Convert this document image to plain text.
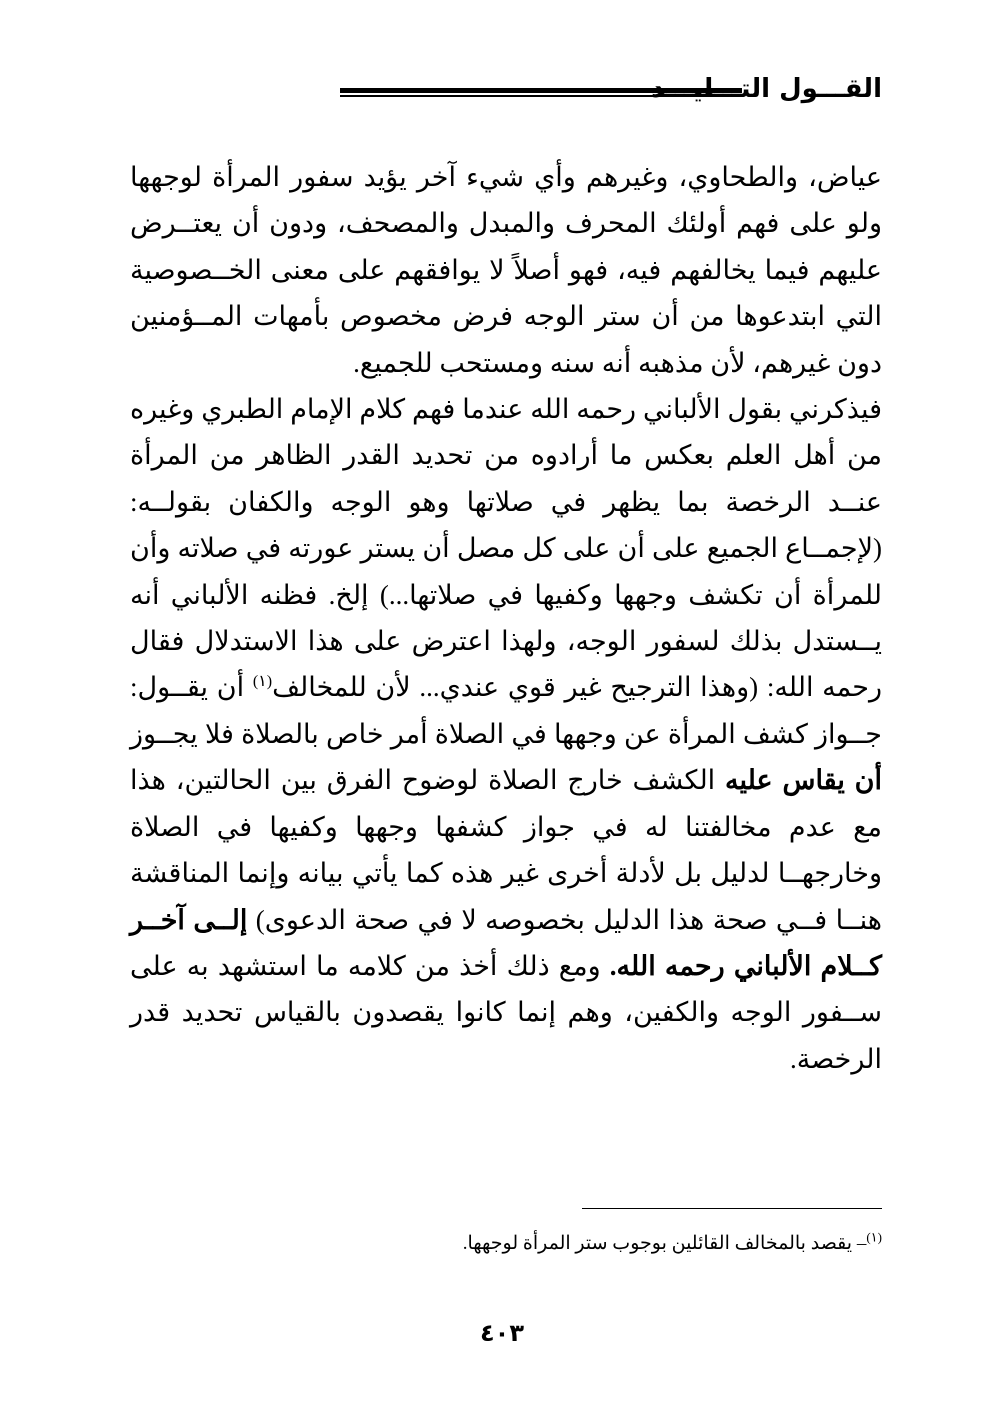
القـــول التـــليـــد

عياض، والطحاوي، وغيرهم وأي شيء آخر يؤيد سفور المرأة لوجهها ولو على فهم أولئك المحرف والمبدل والمصحف، ودون أن يعتــرض عليهم فيما يخالفهم فيه، فهو أصلاً لا يوافقهم على معنى الخــصوصية التي ابتدعوها من أن ستر الوجه فرض مخصوص بأمهات المــؤمنين دون غيرهم، لأن مذهبه أنه سنه ومستحب للجميع.

فيذكرني بقول الألباني رحمه الله عندما فهم كلام الإمام الطبري وغيره من أهل العلم بعكس ما أرادوه من تحديد القدر الظاهر من المرأة عنــد الرخصة بما يظهر في صلاتها وهو الوجه والكفان بقولــه: (لإجمــاع الجميع على أن على كل مصل أن يستر عورته في صلاته وأن للمرأة أن تكشف وجهها وكفيها في صلاتها...) إلخ. فظنه الألباني أنه يــستدل بذلك لسفور الوجه، ولهذا اعترض على هذا الاستدلال فقال رحمه الله: (وهذا الترجيح غير قوي عندي... لأن للمخالف$^{(١)}$ أن يقــول: جــواز كشف المرأة عن وجهها في الصلاة أمر خاص بالصلاة فلا يجــوز أن يقاس عليه الكشف خارج الصلاة لوضوح الفرق بين الحالتين، هذا مع عدم مخالفتنا له في جواز كشفها وجهها وكفيها في الصلاة وخارجهــا لدليل بل لأدلة أخرى غير هذه كما يأتي بيانه وإنما المناقشة هنــا فــي صحة هذا الدليل بخصوصه لا في صحة الدعوى) إلــى آخــر كــلام الألباني رحمه الله. ومع ذلك أخذ من كلامه ما استشهد به على ســفور الوجه والكفين، وهم إنما كانوا يقصدون بالقياس تحديد قدر الرخصة.

$^{(١)}$– يقصد بالمخالف القائلين بوجوب ستر المرأة لوجهها.
٤٠٣
